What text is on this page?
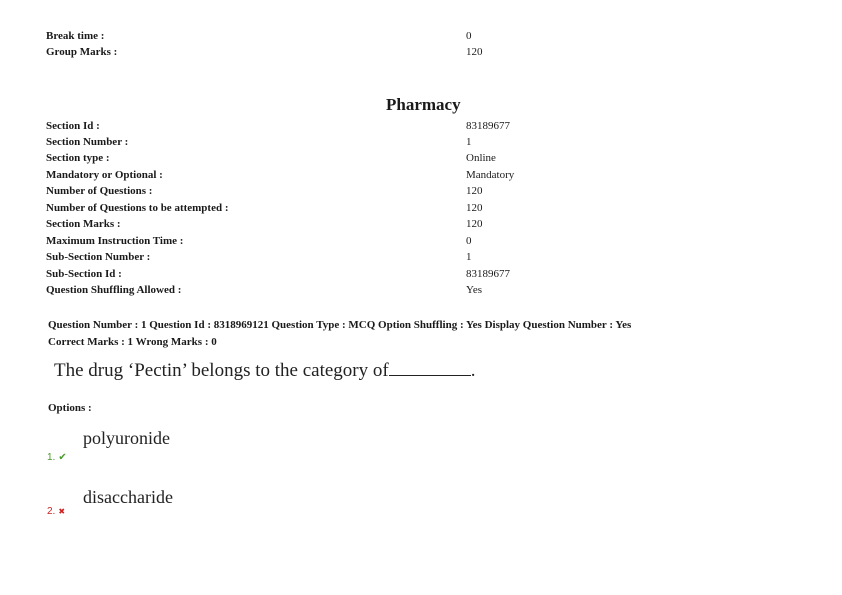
Break time :	0
Group Marks :	120
Pharmacy
Section Id :	83189677
Section Number :	1
Section type :	Online
Mandatory or Optional :	Mandatory
Number of Questions :	120
Number of Questions to be attempted :	120
Section Marks :	120
Maximum Instruction Time :	0
Sub-Section Number :	1
Sub-Section Id :	83189677
Question Shuffling Allowed :	Yes
Question Number : 1 Question Id : 8318969121 Question Type : MCQ Option Shuffling : Yes Display Question Number : Yes
Correct Marks : 1 Wrong Marks : 0
The drug ‘Pectin’ belongs to the category of	.
Options :
polyuronide
1. ✔
disaccharide
2. ✖
